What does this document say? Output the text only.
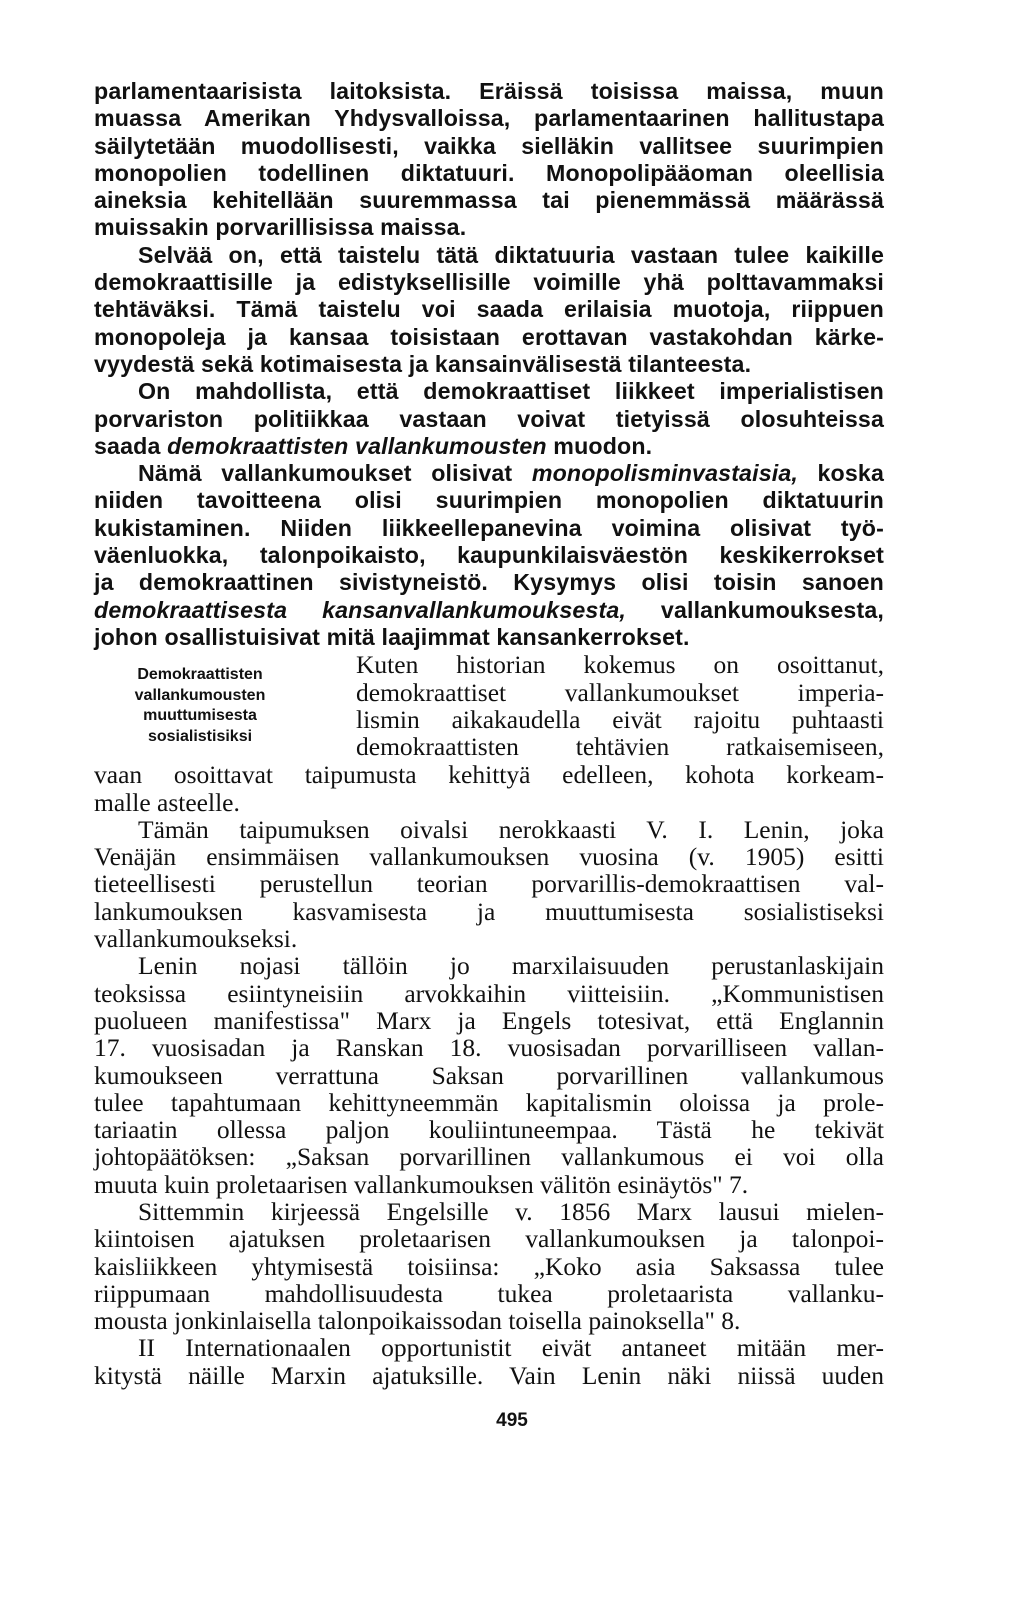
parlamentaarisista laitoksista. Eräissä toisissa maissa, muun
muassa Amerikan Yhdysvalloissa, parlamentaarinen hallitustapa
säilytetään muodollisesti, vaikka sielläkin vallitsee suurimpien
monopolien todellinen diktatuuri. Monopolipääoman oleellisia
aineksia kehitellään suuremmassa tai pienemmässä määrässä
muissakin porvarillisissa maissa.
Selvää on, että taistelu tätä diktatuuria vastaan tulee kaikille
demokraattisille ja edistyksellisille voimille yhä polttavammaksi
tehtäväksi. Tämä taistelu voi saada erilaisia muotoja, riippuen
monopoleja ja kansaa toisistaan erottavan vastakohdan kärke-
vyydestä sekä kotimaisesta ja kansainvälisestä tilanteesta.
On mahdollista, että demokraattiset liikkeet imperialistisen
porvariston politiikkaa vastaan voivat tietyissä olosuhteissa
saada demokraattisten vallankumousten muodon.
Nämä vallankumoukset olisivat monopolisminvastaisia, koska
niiden tavoitteena olisi suurimpien monopolien diktatuurin
kukistaminen. Niiden liikkeellepanevina voimina olisivat työ-
väenluokka, talonpoikaisto, kaupunkilaisväestön keskikerrokset
ja demokraattinen sivistyneistö. Kysymys olisi toisin sanoen
demokraattisesta kansanvallankumouksesta, vallankumouksesta,
johon osallistuisivat mitä laajimmat kansankerrokset.
Demokraattisten
vallankumousten
muuttumisesta
sosialistisiksi
Kuten historian kokemus on osoittanut,
demokraattiset vallankumoukset imperia-
lismin aikakaudella eivät rajoitu puhtaasti
demokraattisten tehtävien ratkaisemiseen,
vaan osoittavat taipumusta kehittyä edelleen, kohota korkeam-
malle asteelle.
Tämän taipumuksen oivalsi nerokkaasti V. I. Lenin, joka
Venäjän ensimmäisen vallankumouksen vuosina (v. 1905) esitti
tieteellisesti perustellun teorian porvarillis-demokraattisen val-
lankumouksen kasvamisesta ja muuttumisesta sosialistiseksi
vallankumoukseksi.
Lenin nojasi tällöin jo marxilaisuuden perustanlaskijain
teoksissa esiintyneisiin arvokkaihin viitteisiin. „Kommunistisen
puolueen manifestissa" Marx ja Engels totesivat, että Englannin
17. vuosisadan ja Ranskan 18. vuosisadan porvarilliseen vallan-
kumoukseen verrattuna Saksan porvarillinen vallankumous
tulee tapahtumaan kehittyneemmän kapitalismin oloissa ja prole-
tariaatin ollessa paljon kouliintuneempaa. Tästä he tekivät
johtopäätöksen: „Saksan porvarillinen vallankumous ei voi olla
muuta kuin proletaarisen vallankumouksen välitön esinäytös" 7.
Sittemmin kirjeessä Engelsille v. 1856 Marx lausui mielen-
kiintoisen ajatuksen proletaarisen vallankumouksen ja talonpoi-
kaisliikkeen yhtymisestä toisiinsa: „Koko asia Saksassa tulee
riippumaan mahdollisuudesta tukea proletaarista vallanku-
mousta jonkinlaisella talonpoikaissodan toisella painoksella" 8.
II Internationaalen opportunistit eivät antaneet mitään mer-
kitystä näille Marxin ajatuksille. Vain Lenin näki niissä uuden
495
